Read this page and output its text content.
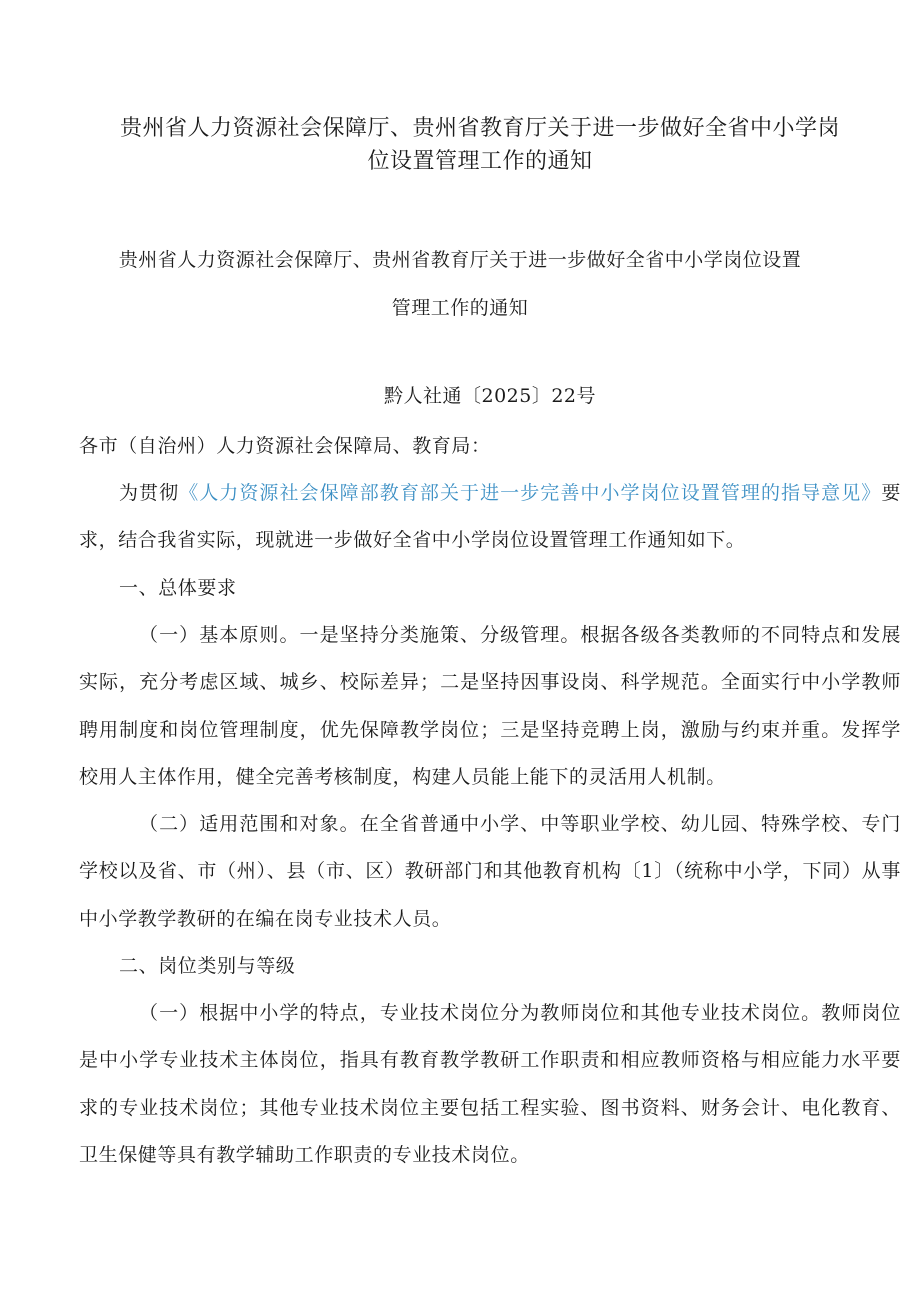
贵州省人力资源社会保障厅、贵州省教育厅关于进一步做好全省中小学岗
位设置管理工作的通知
贵州省人力资源社会保障厅、贵州省教育厅关于进一步做好全省中小学岗位设置
管理工作的通知
黔人社通〔2025〕22号
各市（自治州）人力资源社会保障局、教育局：
为贯彻《人力资源社会保障部教育部关于进一步完善中小学岗位设置管理的指导意见》要求，结合我省实际，现就进一步做好全省中小学岗位设置管理工作通知如下。
一、总体要求
（一）基本原则。一是坚持分类施策、分级管理。根据各级各类教师的不同特点和发展实际，充分考虑区域、城乡、校际差异；二是坚持因事设岗、科学规范。全面实行中小学教师聘用制度和岗位管理制度，优先保障教学岗位；三是坚持竞聘上岗，激励与约束并重。发挥学校用人主体作用，健全完善考核制度，构建人员能上能下的灵活用人机制。
（二）适用范围和对象。在全省普通中小学、中等职业学校、幼儿园、特殊学校、专门学校以及省、市（州）、县（市、区）教研部门和其他教育机构〔1〕（统称中小学，下同）从事中小学教学教研的在编在岗专业技术人员。
二、岗位类别与等级
（一）根据中小学的特点，专业技术岗位分为教师岗位和其他专业技术岗位。教师岗位是中小学专业技术主体岗位，指具有教育教学教研工作职责和相应教师资格与相应能力水平要求的专业技术岗位；其他专业技术岗位主要包括工程实验、图书资料、财务会计、电化教育、卫生保健等具有教学辅助工作职责的专业技术岗位。
